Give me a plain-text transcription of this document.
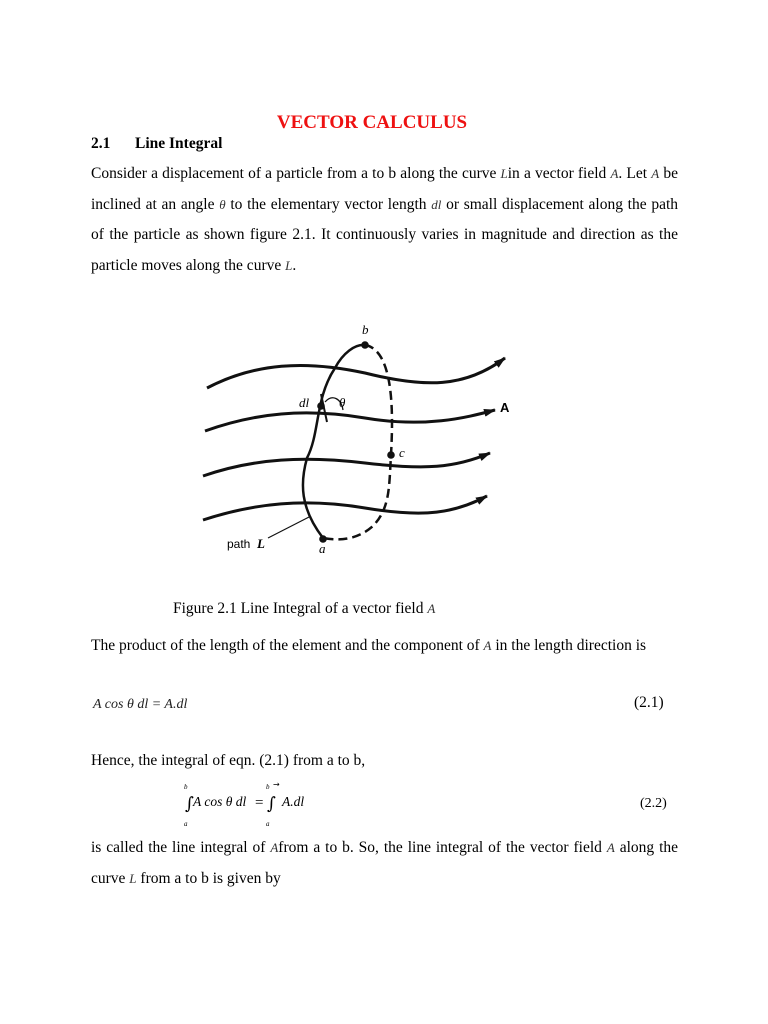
VECTOR CALCULUS
2.1 Line Integral
Consider a displacement of a particle from a to b along the curve Lin a vector field A. Let A be inclined at an angle θ to the elementary vector length dl or small displacement along the path of the particle as shown figure 2.1. It continuously varies in magnitude and direction as the particle moves along the curve L.
b
dl θ	A
c
path L	a
Figure 2.1 Line Integral of a vector field A
The product of the length of the element and the component of A in the length direction is
A cos θ dl = A.dl	(2.1)
Hence, the integral of eqn. (2.1) from a to b,
b
∫
a
A cos θ dl =
b →
∫
a
A.dl	(2.2)
is called the line integral of Afrom a to b. So, the line integral of the vector field A along the curve L from a to b is given by
